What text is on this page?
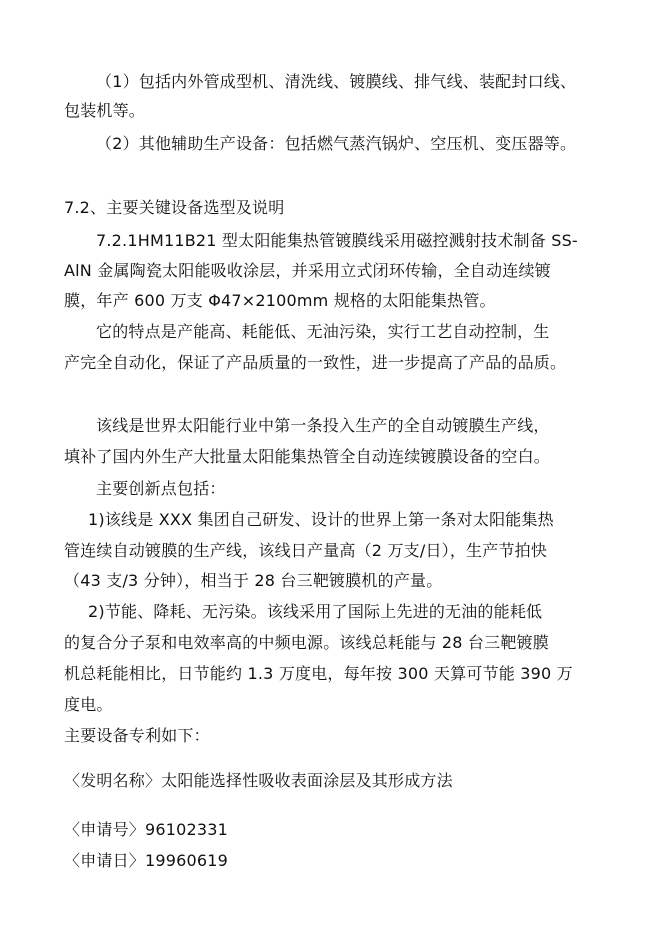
（1）包括内外管成型机、清洗线、镀膜线、排气线、装配封口线、
包装机等。
（2）其他辅助生产设备：包括燃气蒸汽锅炉、空压机、变压器等。
7.2、主要关键设备选型及说明
7.2.1HM11B21 型太阳能集热管镀膜线采用磁控溅射技术制备 SS-
AlN 金属陶瓷太阳能吸收涂层，并采用立式闭环传输，全自动连续镀
膜，年产 600 万支 Φ47×2100mm 规格的太阳能集热管。
它的特点是产能高、耗能低、无油污染，实行工艺自动控制，生
产完全自动化，保证了产品质量的一致性，进一步提高了产品的品质。
该线是世界太阳能行业中第一条投入生产的全自动镀膜生产线，
填补了国内外生产大批量太阳能集热管全自动连续镀膜设备的空白。
主要创新点包括：
1)该线是 XXX 集团自己研发、设计的世界上第一条对太阳能集热
管连续自动镀膜的生产线，该线日产量高（2 万支/日），生产节拍快
（43 支/3 分钟），相当于 28 台三靶镀膜机的产量。
2)节能、降耗、无污染。该线采用了国际上先进的无油的能耗低
的复合分子泵和电效率高的中频电源。该线总耗能与 28 台三靶镀膜
机总耗能相比，日节能约 1.3 万度电，每年按 300 天算可节能 390 万
度电。
主要设备专利如下：
〈发明名称〉太阳能选择性吸收表面涂层及其形成方法
〈申请号〉96102331
〈申请日〉19960619
